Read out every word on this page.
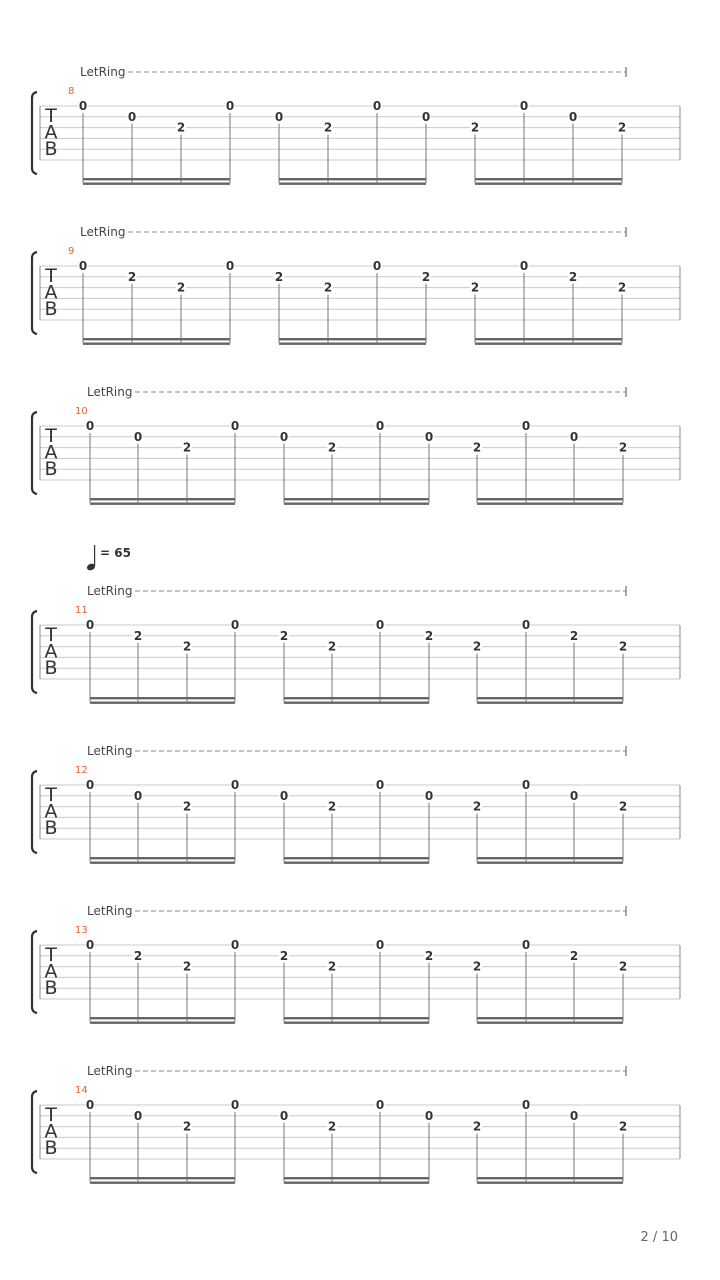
LetRing
8
T
A
B
0
0
2
0
0
2
0
0
2
0
0
2
LetRing
9
T
A
B
0
2
2
0
2
2
0
2
2
0
2
2
LetRing
10
T
A
B
0
0
2
0
0
2
0
0
2
0
0
2
LetRing
11
T
A
B
0
2
2
0
2
2
0
2
2
0
2
2
= 65
LetRing
12
T
A
B
0
0
2
0
0
2
0
0
2
0
0
2
LetRing
13
T
A
B
0
2
2
0
2
2
0
2
2
0
2
2
LetRing
14
T
A
B
0
0
2
0
0
2
0
0
2
0
0
2
2 / 10
